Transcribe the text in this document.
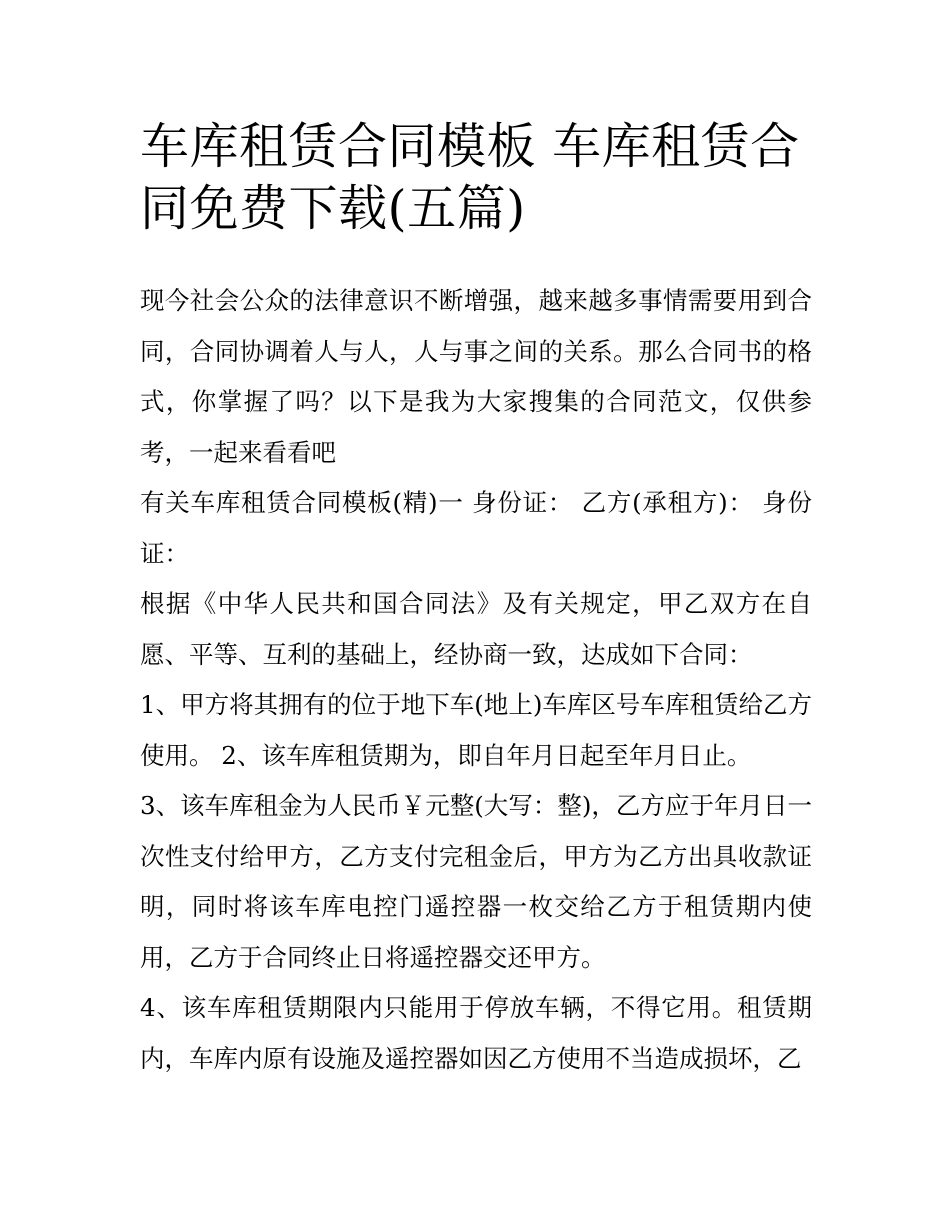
车库租赁合同模板 车库租赁合同免费下载(五篇)

现今社会公众的法律意识不断增强，越来越多事情需要用到合同，合同协调着人与人，人与事之间的关系。那么合同书的格式，你掌握了吗？以下是我为大家搜集的合同范文，仅供参考，一起来看看吧

有关车库租赁合同模板(精)一 身份证： 乙方(承租方)： 身份证：

根据《中华人民共和国合同法》及有关规定，甲乙双方在自愿、平等、互利的基础上，经协商一致，达成如下合同：

1、甲方将其拥有的位于地下车(地上)车库区号车库租赁给乙方使用。 2、该车库租赁期为，即自年月日起至年月日止。

3、该车库租金为人民币￥元整(大写：整)，乙方应于年月日一次性支付给甲方，乙方支付完租金后，甲方为乙方出具收款证明，同时将该车库电控门遥控器一枚交给乙方于租赁期内使用，乙方于合同终止日将遥控器交还甲方。

4、该车库租赁期限内只能用于停放车辆，不得它用。租赁期内，车库内原有设施及遥控器如因乙方使用不当造成损坏，乙
